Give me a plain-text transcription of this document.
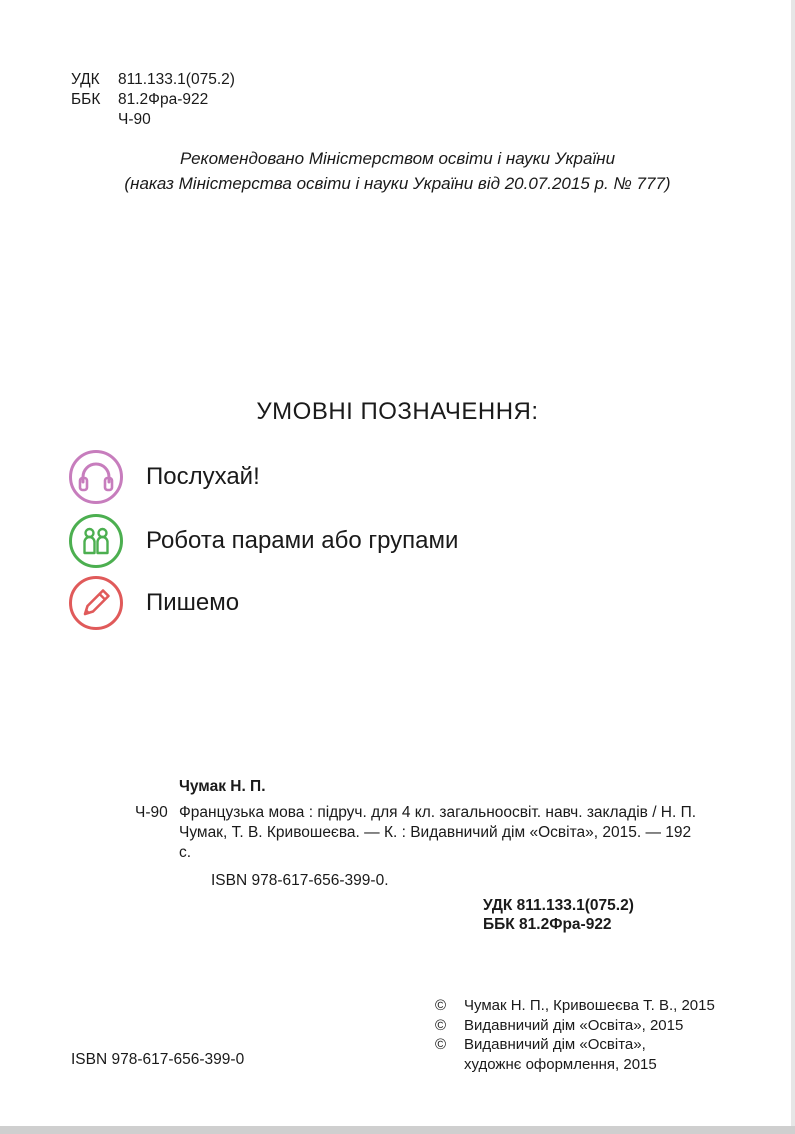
УДК	811.133.1(075.2)
ББК	81.2Фра-922
Ч-90
Рекомендовано Міністерством освіти і науки України
(наказ Міністерства освіти і науки України від 20.07.2015 р. № 777)
УМОВНІ ПОЗНАЧЕННЯ:
Послухай!
Робота парами або групами
Пишемо
Чумак Н. П.
Ч-90 Французька мова : підруч. для 4 кл. загальноосвіт. навч. закладів / Н. П. Чумак, Т. В. Кривошеєва. — К. : Видавничий дім «Освіта», 2015. — 192 с.
ISBN 978-617-656-399-0.
УДК 811.133.1(075.2)
ББК 81.2Фра-922
©	Чумак Н. П., Кривошеєва Т. В., 2015
©	Видавничий дім «Освіта», 2015
©	Видавничий дім «Освіта»,
художнє оформлення, 2015
ISBN 978-617-656-399-0
